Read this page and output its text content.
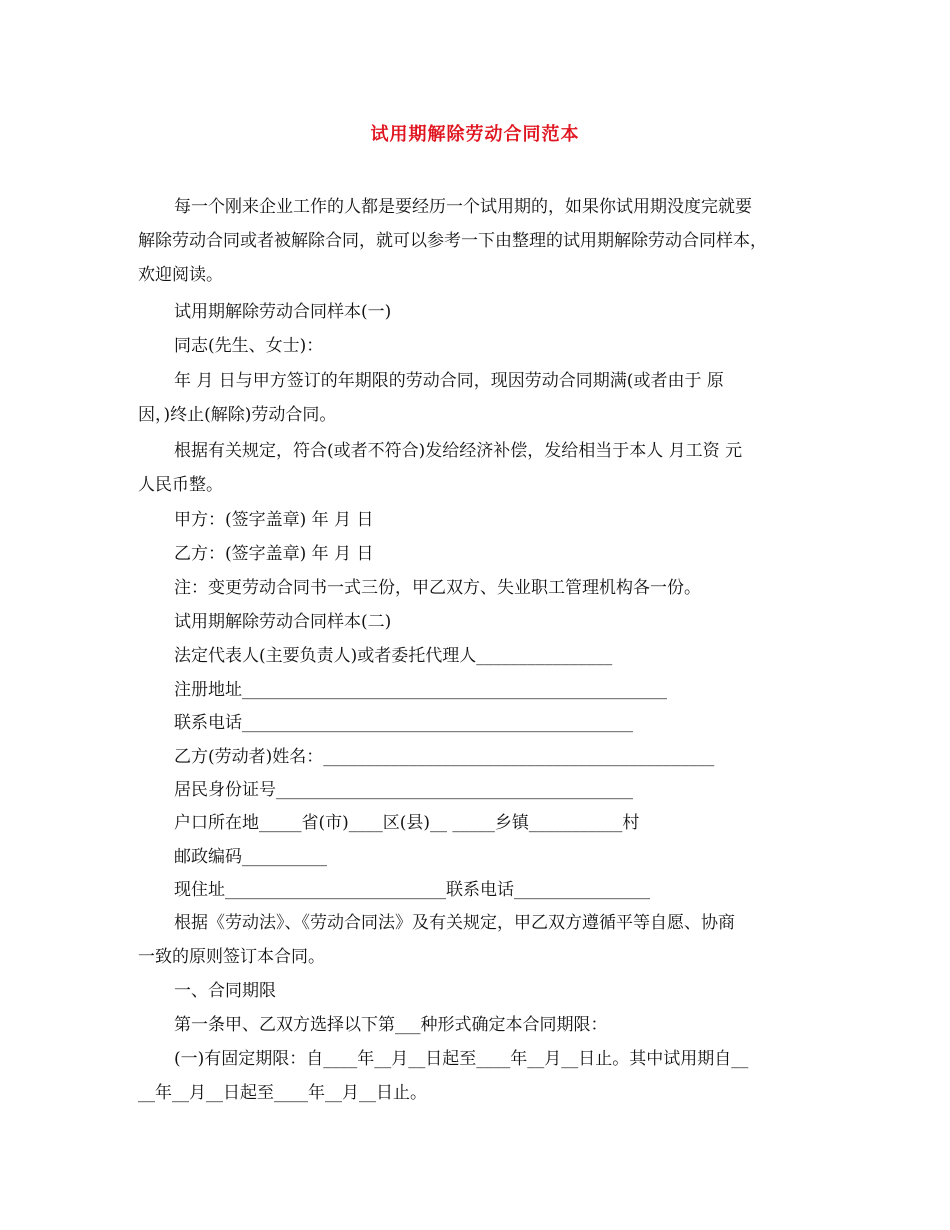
试用期解除劳动合同范本
每一个刚来企业工作的人都是要经历一个试用期的，如果你试用期没度完就要
解除劳动合同或者被解除合同，就可以参考一下由整理的试用期解除劳动合同样本，
欢迎阅读。
试用期解除劳动合同样本(一)
同志(先生、女士)：
年 月 日与甲方签订的年期限的劳动合同，现因劳动合同期满(或者由于 原
因，)终止(解除)劳动合同。
根据有关规定，符合(或者不符合)发给经济补偿，发给相当于本人 月工资 元
人民币整。
甲方：(签字盖章) 年 月 日
乙方：(签字盖章) 年 月 日
注：变更劳动合同书一式三份，甲乙双方、失业职工管理机构各一份。
试用期解除劳动合同样本(二)
法定代表人(主要负责人)或者委托代理人________________
注册地址__________________________________________________
联系电话______________________________________________
乙方(劳动者)姓名：______________________________________________
居民身份证号__________________________________________
户口所在地_____省(市)____区(县)__ _____乡镇___________村
邮政编码__________
现住址__________________________联系电话________________
根据《劳动法》、《劳动合同法》及有关规定，甲乙双方遵循平等自愿、协商
一致的原则签订本合同。
一、合同期限
第一条甲、乙双方选择以下第___种形式确定本合同期限：
(一)有固定期限：自____年__月__日起至____年__月__日止。其中试用期自__
__年__月__日起至____年__月__日止。
